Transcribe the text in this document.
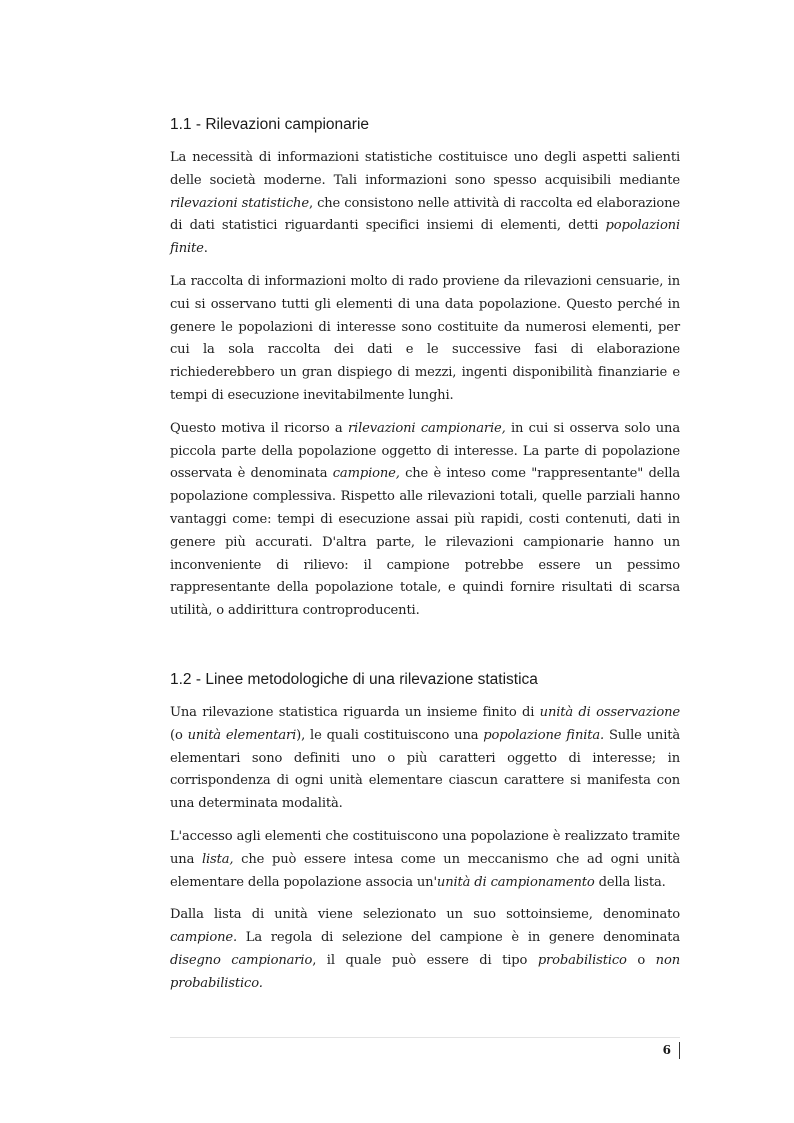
1.1 - Rilevazioni campionarie

La necessità di informazioni statistiche costituisce uno degli aspetti salienti delle società moderne. Tali informazioni sono spesso acquisibili mediante rilevazioni statistiche, che consistono nelle attività di raccolta ed elaborazione di dati statistici riguardanti specifici insiemi di elementi, detti popolazioni finite.

La raccolta di informazioni molto di rado proviene da rilevazioni censuarie, in cui si osservano tutti gli elementi di una data popolazione. Questo perché in genere le popolazioni di interesse sono costituite da numerosi elementi, per cui la sola raccolta dei dati e le successive fasi di elaborazione richiederebbero un gran dispiego di mezzi, ingenti disponibilità finanziarie e tempi di esecuzione inevitabilmente lunghi.

Questo motiva il ricorso a rilevazioni campionarie, in cui si osserva solo una piccola parte della popolazione oggetto di interesse. La parte di popolazione osservata è denominata campione, che è inteso come "rappresentante" della popolazione complessiva. Rispetto alle rilevazioni totali, quelle parziali hanno vantaggi come: tempi di esecuzione assai più rapidi, costi contenuti, dati in genere più accurati. D'altra parte, le rilevazioni campionarie hanno un inconveniente di rilievo: il campione potrebbe essere un pessimo rappresentante della popolazione totale, e quindi fornire risultati di scarsa utilità, o addirittura controproducenti.

1.2 - Linee metodologiche di una rilevazione statistica

Una rilevazione statistica riguarda un insieme finito di unità di osservazione (o unità elementari), le quali costituiscono una popolazione finita. Sulle unità elementari sono definiti uno o più caratteri oggetto di interesse; in corrispondenza di ogni unità elementare ciascun carattere si manifesta con una determinata modalità.

L'accesso agli elementi che costituiscono una popolazione è realizzato tramite una lista, che può essere intesa come un meccanismo che ad ogni unità elementare della popolazione associa un'unità di campionamento della lista.

Dalla lista di unità viene selezionato un suo sottoinsieme, denominato campione. La regola di selezione del campione è in genere denominata disegno campionario, il quale può essere di tipo probabilistico o non probabilistico.

6
